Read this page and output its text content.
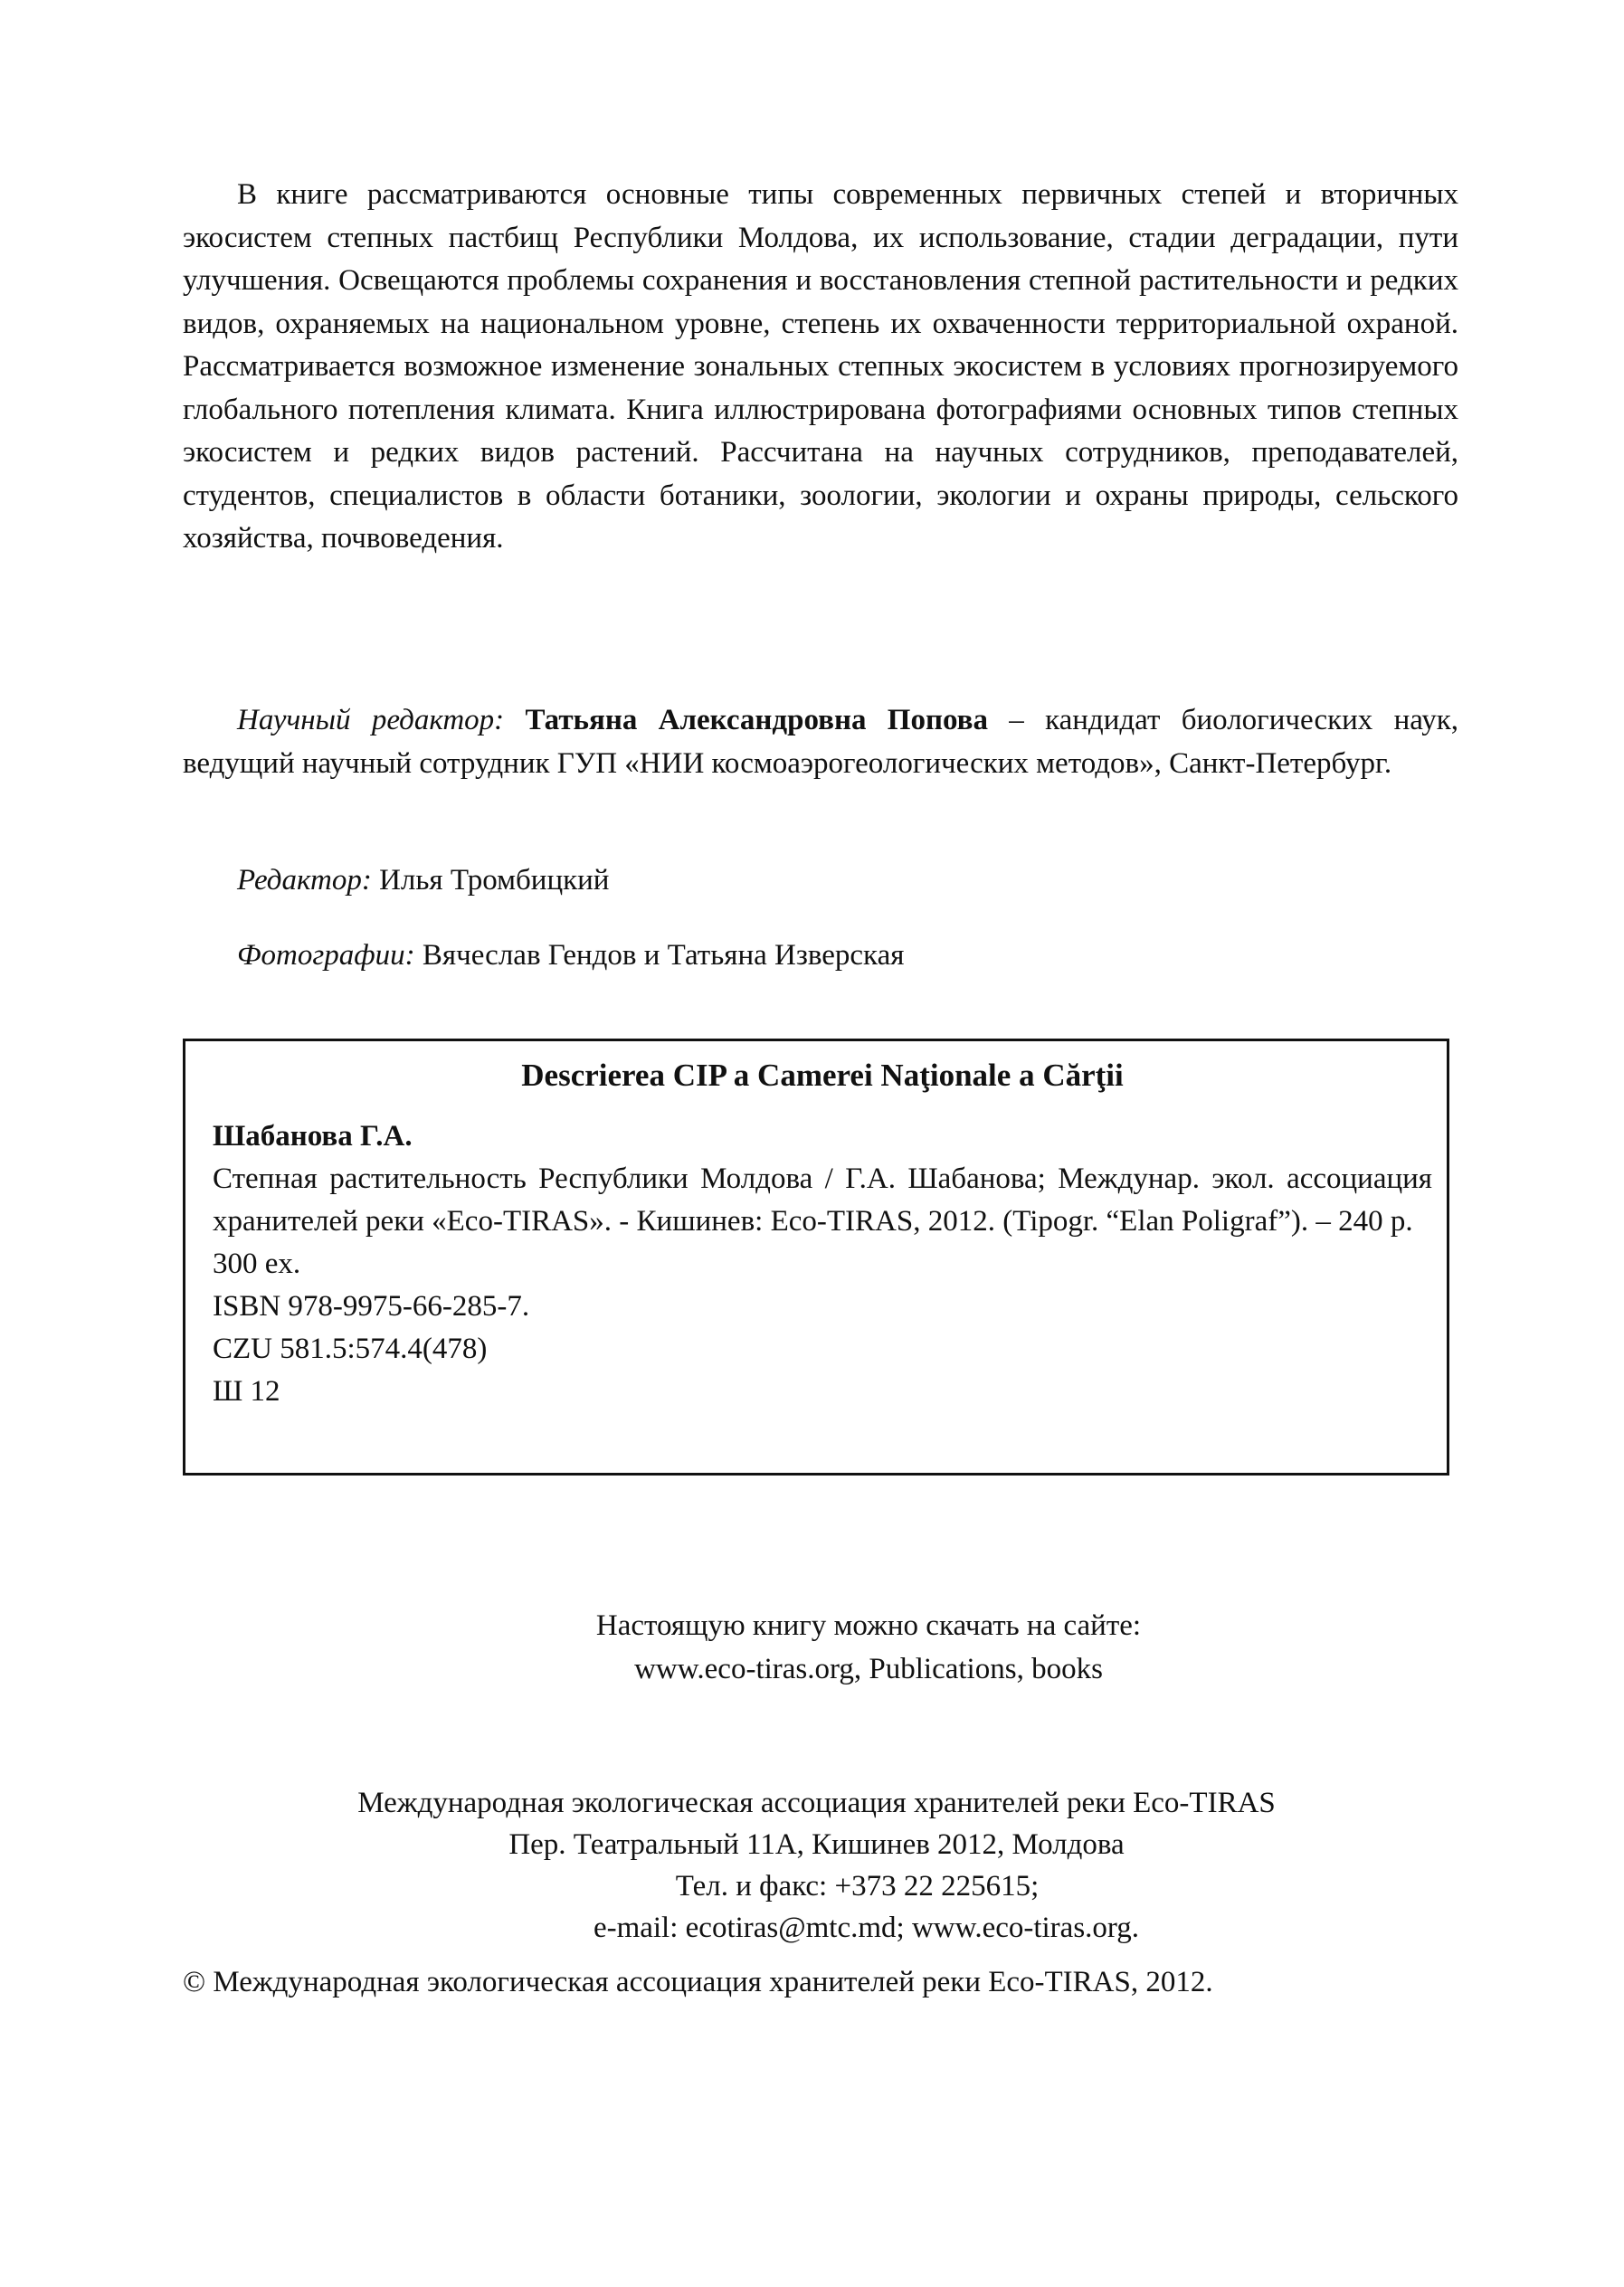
В книге рассматриваются основные типы современных первичных степей и вторичных экосистем степных пастбищ Республики Молдова, их использование, стадии деградации, пути улучшения. Освещаются проблемы сохранения и восстановления степной растительности и редких видов, охраняемых на национальном уровне, степень их охваченности территориальной охраной. Рассматривается возможное изменение зональных степных экосистем в условиях прогнозируемого глобального потепления климата. Книга иллюстрирована фотографиями основных типов степных экосистем и редких видов растений. Рассчитана на научных сотрудников, преподавателей, студентов, специалистов в области ботаники, зоологии, экологии и охраны природы, сельского хозяйства, почвоведения.

Научный редактор: Татьяна Александровна Попова – кандидат биологических наук, ведущий научный сотрудник ГУП «НИИ космоаэрогеологических методов», Санкт-Петербург.

Редактор: Илья Тромбицкий

Фотографии: Вячеслав Гендов и Татьяна Изверская

Descrierea CIP a Camerei Naţionale a Cărţii

Шабанова Г.А.

Степная растительность Республики Молдова / Г.А. Шабанова; Междунар. экол. ассоциация хранителей реки «Eco-TIRAS». - Кишинев: Eco-TIRAS, 2012. (Tipogr. “Elan Poligraf”). – 240 p.

300 ex.

ISBN 978-9975-66-285-7.

CZU 581.5:574.4(478)

Ш 12

Настоящую книгу можно скачать на сайте:

www.eco-tiras.org, Publications, books

Международная экологическая ассоциация хранителей реки Eco-TIRAS

Пер. Театральный 11А, Кишинев 2012, Молдова

Тел. и факс: +373 22 225615;

e-mail: ecotiras@mtc.md; www.eco-tiras.org.

© Международная экологическая ассоциация хранителей реки Eco-TIRAS, 2012.
